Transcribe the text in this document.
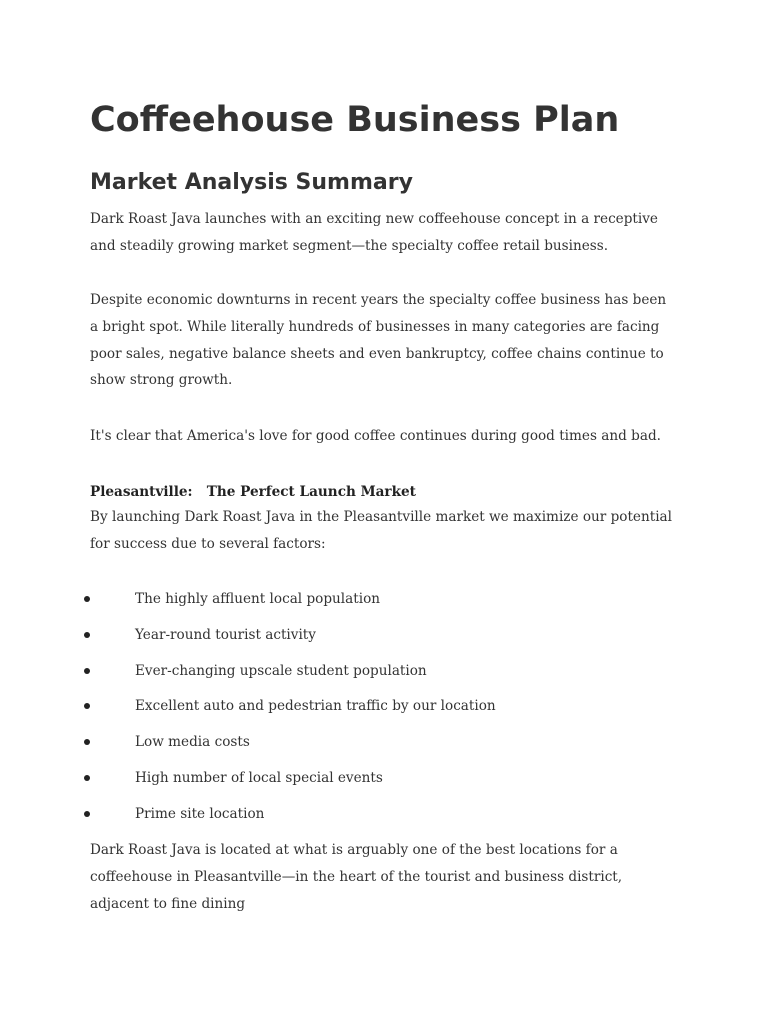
Coffeehouse Business Plan
Market Analysis Summary

Dark Roast Java launches with an exciting new coffeehouse concept in a receptive and steadily growing market segment—the specialty coffee retail business.

Despite economic downturns in recent years the specialty coffee business has been a bright spot. While literally hundreds of businesses in many categories are facing poor sales, negative balance sheets and even bankruptcy, coffee chains continue to show strong growth.

It's clear that America's love for good coffee continues during good times and bad.

Pleasantville:   The Perfect Launch Market

By launching Dark Roast Java in the Pleasantville market we maximize our potential for success due to several factors:

The highly affluent local population
Year-round tourist activity
Ever-changing upscale student population
Excellent auto and pedestrian traffic by our location
Low media costs
High number of local special events
Prime site location

Dark Roast Java is located at what is arguably one of the best locations for a coffeehouse in Pleasantville—in the heart of the tourist and business district, adjacent to fine dining
